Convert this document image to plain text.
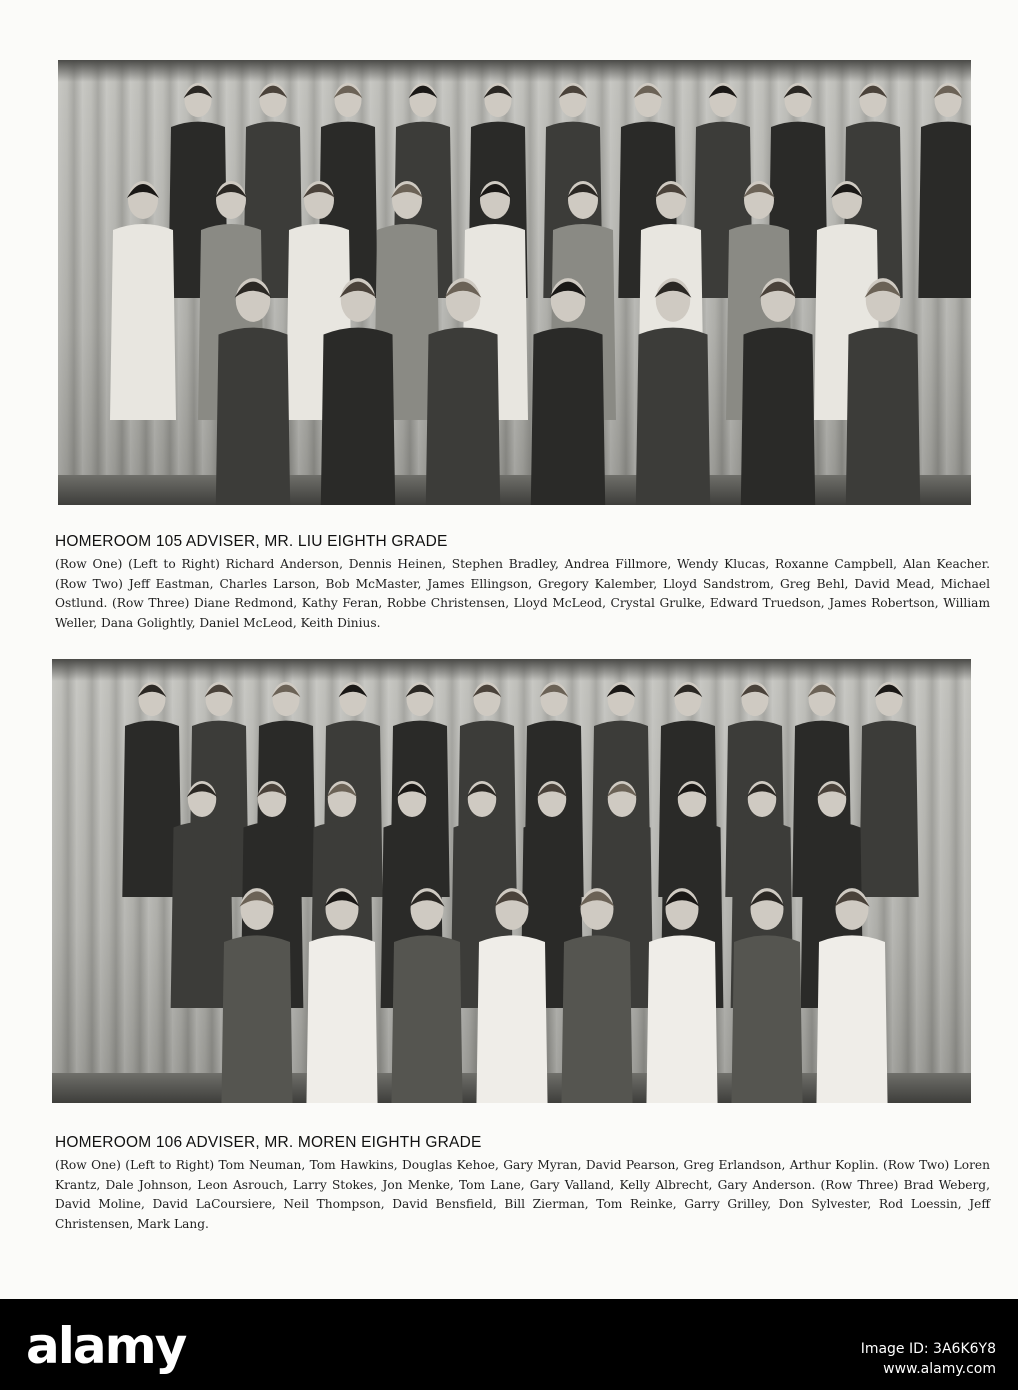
HOMEROOM 105 ADVISER, MR. LIU EIGHTH GRADE

(Row One) (Left to Right) Richard Anderson, Dennis Heinen, Stephen Bradley, Andrea Fillmore, Wendy Klucas, Roxanne Campbell, Alan Keacher. (Row Two) Jeff Eastman, Charles Larson, Bob McMaster, James Ellingson, Gregory Kalember, Lloyd Sandstrom, Greg Behl, David Mead, Michael Ostlund. (Row Three) Diane Redmond, Kathy Feran, Robbe Christensen, Lloyd McLeod, Crystal Grulke, Edward Truedson, James Robertson, William Weller, Dana Golightly, Daniel McLeod, Keith Dinius.

HOMEROOM 106 ADVISER, MR. MOREN EIGHTH GRADE

(Row One) (Left to Right) Tom Neuman, Tom Hawkins, Douglas Kehoe, Gary Myran, David Pearson, Greg Erlandson, Arthur Koplin. (Row Two) Loren Krantz, Dale Johnson, Leon Asrouch, Larry Stokes, Jon Menke, Tom Lane, Gary Valland, Kelly Albrecht, Gary Anderson. (Row Three) Brad Weberg, David Moline, David LaCoursiere, Neil Thompson, David Bensfield, Bill Zierman, Tom Reinke, Garry Grilley, Don Sylvester, Rod Loessin, Jeff Christensen, Mark Lang.

alamy	Image ID: 3A6K6Y8
www.alamy.com
